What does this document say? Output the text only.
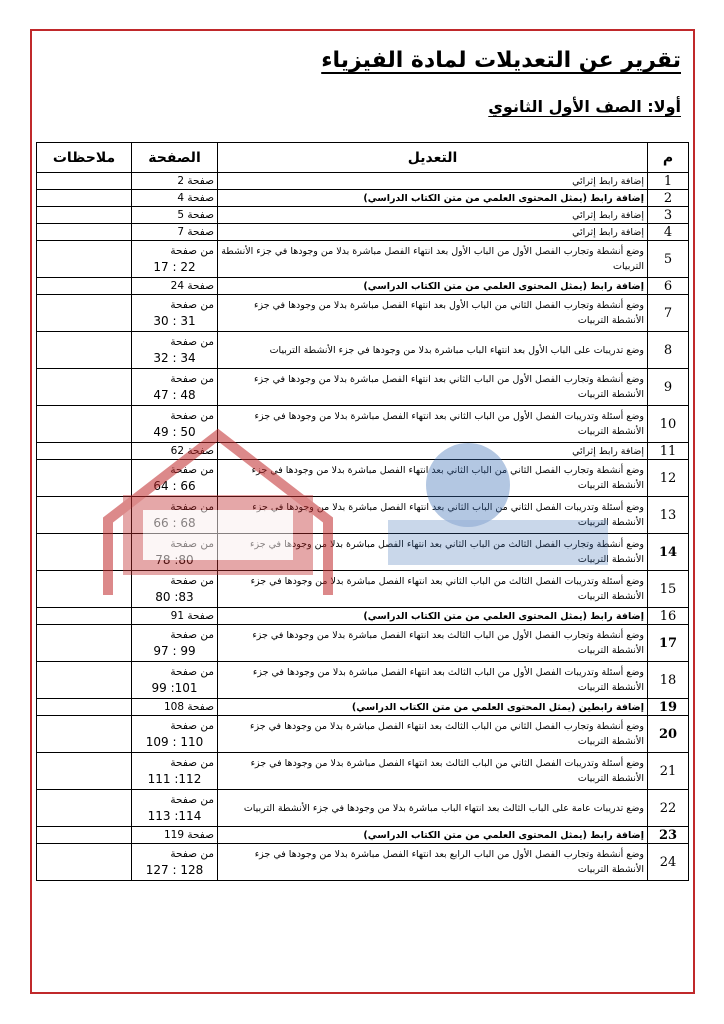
تقرير عن التعديلات لمادة الفيزياء
أولا: الصف الأول الثانوي
م	التعديل	الصفحة	ملاحظات
1	إضافة رابط إثرائي	صفحة 2	
2	إضافة رابط (يمثل المحتوى العلمي من متن الكتاب الدراسي)	صفحة 4	
3	إضافة رابط إثرائي	صفحة 5	
4	إضافة رابط إثرائي	صفحة 7	
5	وضع أنشطة وتجارب الفصل الأول من الباب الأول بعد انتهاء الفصل مباشرة بدلا من وجودها في جزء الأنشطة التربيات	من صفحة
22 : 17	

6	إضافة رابط (يمثل المحتوى العلمي من متن الكتاب الدراسي)	صفحة 24	
7	وضع أنشطة وتجارب الفصل الثاني من الباب الأول بعد انتهاء الفصل مباشرة بدلا من وجودها في جزء الأنشطة التربيات	من صفحة
31 : 30	

8	وضع تدريبات على الباب الأول بعد انتهاء الباب مباشرة بدلا من وجودها في جزء الأنشطة التربيات	من صفحة
34 : 32	

9	وضع أنشطة وتجارب الفصل الأول من الباب الثاني بعد انتهاء الفصل مباشرة بدلا من وجودها في جزء الأنشطة التربيات	من صفحة
48 : 47	

10	وضع أسئلة وتدريبات الفصل الأول من الباب الثاني بعد انتهاء الفصل مباشرة بدلا من وجودها في جزء الأنشطة التربيات	من صفحة
50 : 49	

11	إضافة رابط إثرائي	صفحة 62	
12	وضع أنشطة وتجارب الفصل الثاني من الباب الثاني بعد انتهاء الفصل مباشرة بدلا من وجودها في جزء الأنشطة التربيات	من صفحة
66 : 64	

13	وضع أسئلة وتدريبات الفصل الثاني من الباب الثاني بعد انتهاء الفصل مباشرة بدلا من وجودها في جزء الأنشطة التربيات	من صفحة
68 : 66	

14	وضع أنشطة وتجارب الفصل الثالث من الباب الثاني بعد انتهاء الفصل مباشرة بدلا من وجودها في جزء الأنشطة التربيات	من صفحة
80: 78	

15	وضع أسئلة وتدريبات الفصل الثالث من الباب الثاني بعد انتهاء الفصل مباشرة بدلا من وجودها في جزء الأنشطة التربيات	من صفحة
83: 80	

16	إضافة رابط (يمثل المحتوى العلمي من متن الكتاب الدراسي)	صفحة 91	
17	وضع أنشطة وتجارب الفصل الأول من الباب الثالث بعد انتهاء الفصل مباشرة بدلا من وجودها في جزء الأنشطة التربيات	من صفحة
99 : 97	

18	وضع أسئلة وتدريبات الفصل الأول من الباب الثالث بعد انتهاء الفصل مباشرة بدلا من وجودها في جزء الأنشطة التربيات	من صفحة
101: 99	

19	إضافة رابطين (يمثل المحتوى العلمي من متن الكتاب الدراسي)	صفحة 108	
20	وضع أنشطة وتجارب الفصل الثاني من الباب الثالث بعد انتهاء الفصل مباشرة بدلا من وجودها في جزء الأنشطة التربيات	من صفحة
110 : 109	

21	وضع أسئلة وتدريبات الفصل الثاني من الباب الثالث بعد انتهاء الفصل مباشرة بدلا من وجودها في جزء الأنشطة التربيات	من صفحة
112: 111	

22	وضع تدريبات عامة على الباب الثالث بعد انتهاء الباب مباشرة بدلا من وجودها في جزء الأنشطة التربيات	من صفحة
114: 113	

23	إضافة رابط (يمثل المحتوى العلمي من متن الكتاب الدراسي)	صفحة 119	
24	وضع أنشطة وتجارب الفصل الأول من الباب الرابع بعد انتهاء الفصل مباشرة بدلا من وجودها في جزء الأنشطة التربيات	من صفحة
128 : 127	
